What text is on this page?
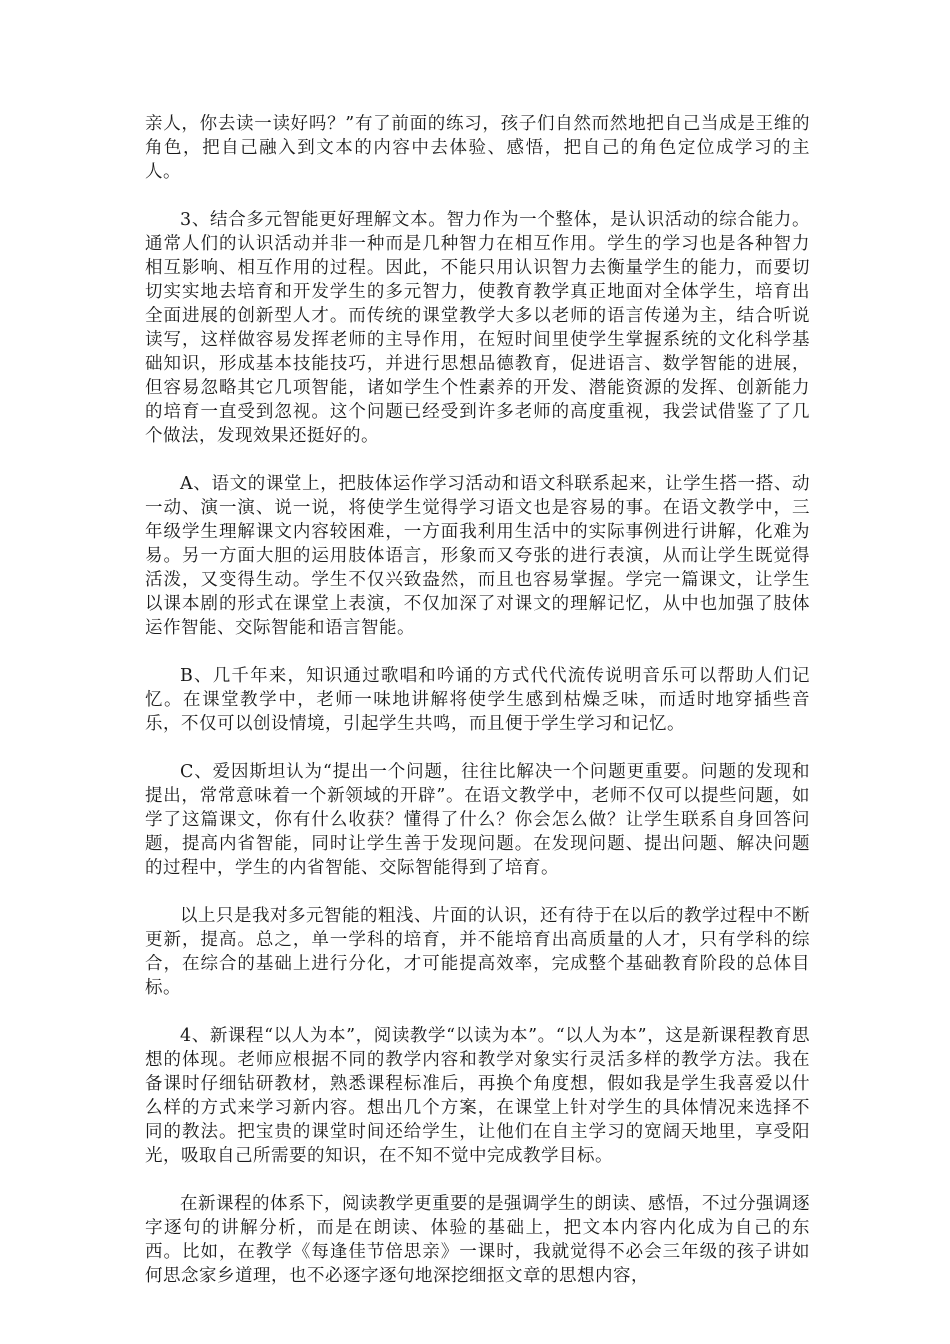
亲人，你去读一读好吗？”有了前面的练习，孩子们自然而然地把自己当成是王维的角色，把自己融入到文本的内容中去体验、感悟，把自己的角色定位成学习的主人。

3、结合多元智能更好理解文本。智力作为一个整体，是认识活动的综合能力。通常人们的认识活动并非一种而是几种智力在相互作用。学生的学习也是各种智力相互影响、相互作用的过程。因此，不能只用认识智力去衡量学生的能力，而要切切实实地去培育和开发学生的多元智力，使教育教学真正地面对全体学生，培育出全面进展的创新型人才。而传统的课堂教学大多以老师的语言传递为主，结合听说读写，这样做容易发挥老师的主导作用，在短时间里使学生掌握系统的文化科学基础知识，形成基本技能技巧，并进行思想品德教育，促进语言、数学智能的进展，但容易忽略其它几项智能，诸如学生个性素养的开发、潜能资源的发挥、创新能力的培育一直受到忽视。这个问题已经受到许多老师的高度重视，我尝试借鉴了了几个做法，发现效果还挺好的。

A、语文的课堂上，把肢体运作学习活动和语文科联系起来，让学生搭一搭、动一动、演一演、说一说，将使学生觉得学习语文也是容易的事。在语文教学中，三年级学生理解课文内容较困难，一方面我利用生活中的实际事例进行讲解，化难为易。另一方面大胆的运用肢体语言，形象而又夸张的进行表演，从而让学生既觉得活泼，又变得生动。学生不仅兴致盎然，而且也容易掌握。学完一篇课文，让学生以课本剧的形式在课堂上表演，不仅加深了对课文的理解记忆，从中也加强了肢体运作智能、交际智能和语言智能。

B、几千年来，知识通过歌唱和吟诵的方式代代流传说明音乐可以帮助人们记忆。在课堂教学中，老师一味地讲解将使学生感到枯燥乏味，而适时地穿插些音乐，不仅可以创设情境，引起学生共鸣，而且便于学生学习和记忆。

C、爱因斯坦认为“提出一个问题，往往比解决一个问题更重要。问题的发现和提出，常常意味着一个新领域的开辟”。在语文教学中，老师不仅可以提些问题，如学了这篇课文，你有什么收获？懂得了什么？你会怎么做？让学生联系自身回答问题，提高内省智能，同时让学生善于发现问题。在发现问题、提出问题、解决问题的过程中，学生的内省智能、交际智能得到了培育。

以上只是我对多元智能的粗浅、片面的认识，还有待于在以后的教学过程中不断更新，提高。总之，单一学科的培育，并不能培育出高质量的人才，只有学科的综合，在综合的基础上进行分化，才可能提高效率，完成整个基础教育阶段的总体目标。

4、新课程“以人为本”，阅读教学“以读为本”。“以人为本”，这是新课程教育思想的体现。老师应根据不同的教学内容和教学对象实行灵活多样的教学方法。我在备课时仔细钻研教材，熟悉课程标准后，再换个角度想，假如我是学生我喜爱以什么样的方式来学习新内容。想出几个方案，在课堂上针对学生的具体情况来选择不同的教法。把宝贵的课堂时间还给学生，让他们在自主学习的宽阔天地里，享受阳光，吸取自己所需要的知识，在不知不觉中完成教学目标。

在新课程的体系下，阅读教学更重要的是强调学生的朗读、感悟，不过分强调逐字逐句的讲解分析，而是在朗读、体验的基础上，把文本内容内化成为自己的东西。比如，在教学《每逢佳节倍思亲》一课时，我就觉得不必会三年级的孩子讲如何思念家乡道理，也不必逐字逐句地深挖细抠文章的思想内容，
